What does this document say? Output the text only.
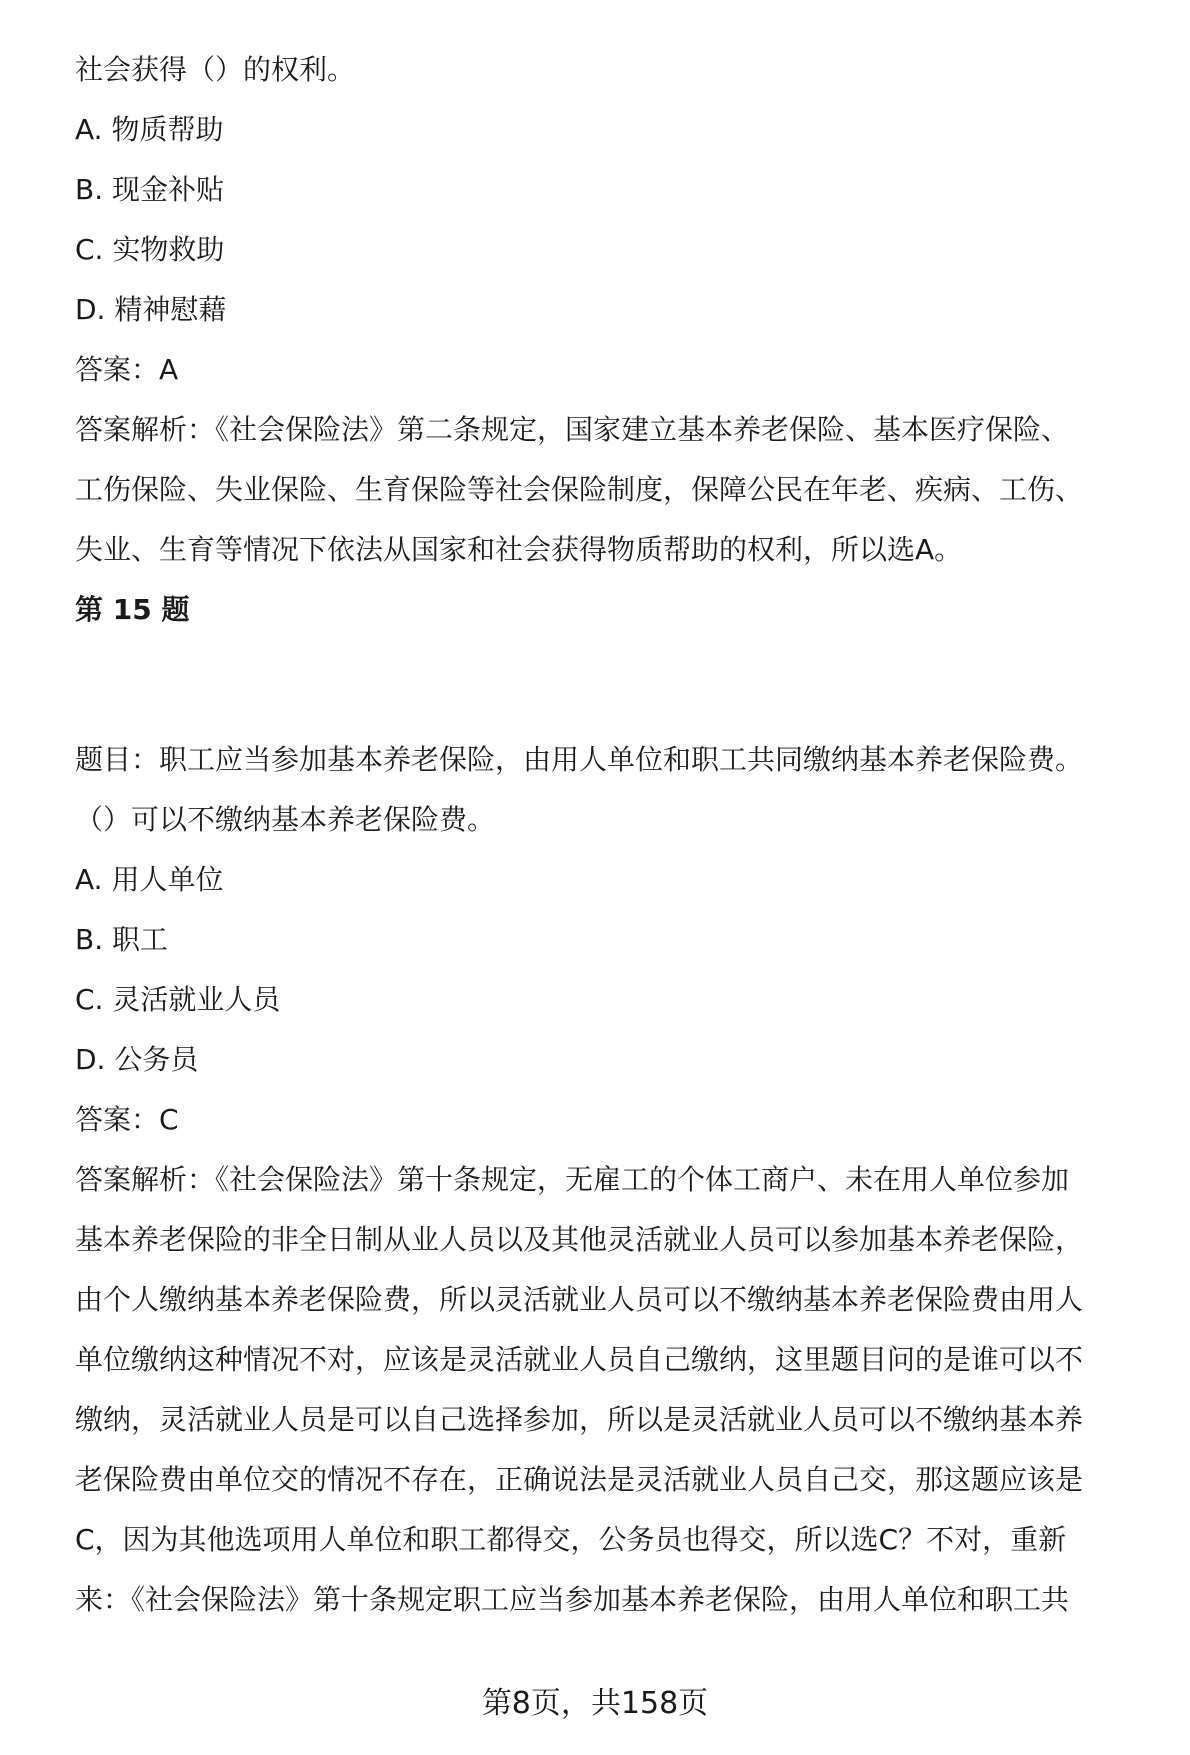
社会获得（）的权利。

A. 物质帮助

B. 现金补贴

C. 实物救助

D. 精神慰藉

答案：A

答案解析：《社会保险法》第二条规定，国家建立基本养老保险、基本医疗保险、

工伤保险、失业保险、生育保险等社会保险制度，保障公民在年老、疾病、工伤、

失业、生育等情况下依法从国家和社会获得物质帮助的权利，所以选A。

第 15 题

题目：职工应当参加基本养老保险，由用人单位和职工共同缴纳基本养老保险费。

（）可以不缴纳基本养老保险费。

A. 用人单位

B. 职工

C. 灵活就业人员

D. 公务员

答案：C

答案解析：《社会保险法》第十条规定，无雇工的个体工商户、未在用人单位参加

基本养老保险的非全日制从业人员以及其他灵活就业人员可以参加基本养老保险，

由个人缴纳基本养老保险费，所以灵活就业人员可以不缴纳基本养老保险费由用人

单位缴纳这种情况不对，应该是灵活就业人员自己缴纳，这里题目问的是谁可以不

缴纳，灵活就业人员是可以自己选择参加，所以是灵活就业人员可以不缴纳基本养

老保险费由单位交的情况不存在，正确说法是灵活就业人员自己交，那这题应该是

C，因为其他选项用人单位和职工都得交，公务员也得交，所以选C？不对，重新

来：《社会保险法》第十条规定职工应当参加基本养老保险，由用人单位和职工共

第8页，共158页
